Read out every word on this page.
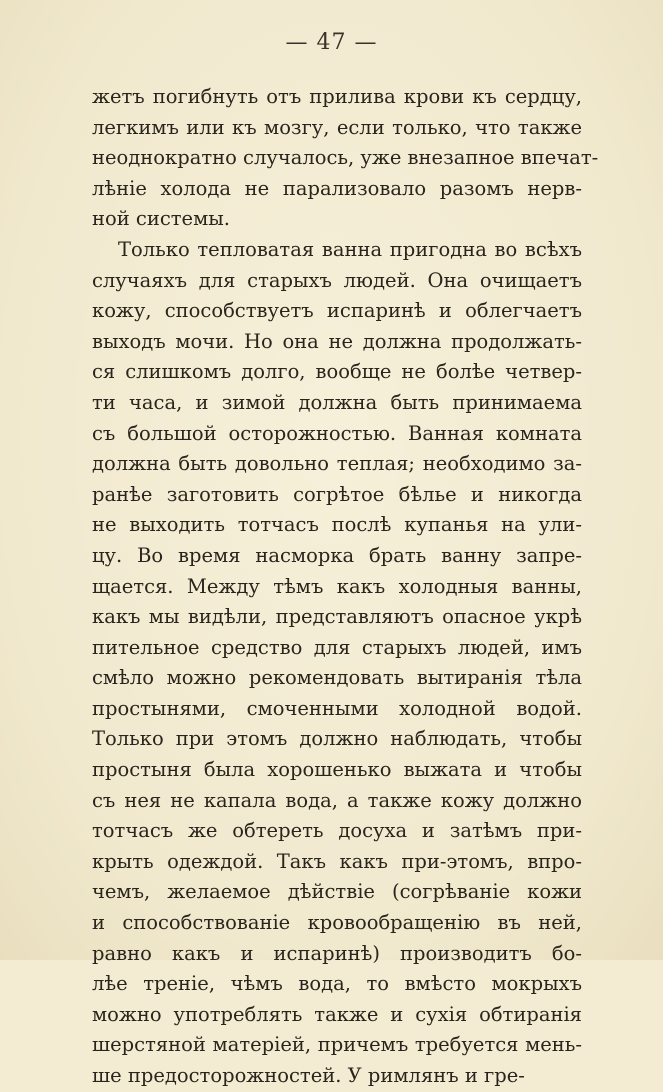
— 47 —
жетъ погибнуть отъ прилива крови къ сердцу,
легкимъ или къ мозгу, если только, что также
неоднократно случалось, уже внезапное впечат-
лѣніе холода не парализовало разомъ нерв-
ной системы.
Только тепловатая ванна пригодна во всѣхъ
случаяхъ для старыхъ людей. Она очищаетъ
кожу, способствуетъ испаринѣ и облегчаетъ
выходъ мочи. Но она не должна продолжать-
ся слишкомъ долго, вообще не болѣе четвер-
ти часа, и зимой должна быть принимаема
съ большой осторожностью. Ванная комната
должна быть довольно теплая; необходимо за-
ранѣе заготовить согрѣтое бѣлье и никогда
не выходить тотчасъ послѣ купанья на ули-
цу. Во время насморка брать ванну запре-
щается. Между тѣмъ какъ холодныя ванны,
какъ мы видѣли, представляютъ опасное укрѣ
пительное средство для старыхъ людей, имъ
смѣло можно рекомендовать вытиранія тѣла
простынями, смоченными холодной водой.
Только при этомъ должно наблюдать, чтобы
простыня была хорошенько выжата и чтобы
съ нея не капала вода, а также кожу должно
тотчасъ же обтереть досуха и затѣмъ при-
крыть одеждой. Такъ какъ при-этомъ, впро-
чемъ, желаемое дѣйствіе (согрѣваніе кожи
и способствованіе кровообращенію въ ней,
равно какъ и испаринѣ) производитъ бо-
лѣе треніе, чѣмъ вода, то вмѣсто мокрыхъ
можно употреблять также и сухія обтиранія
шерстяной матеріей, причемъ требуется мень-
ше предосторожностей. У римлянъ и гре-
